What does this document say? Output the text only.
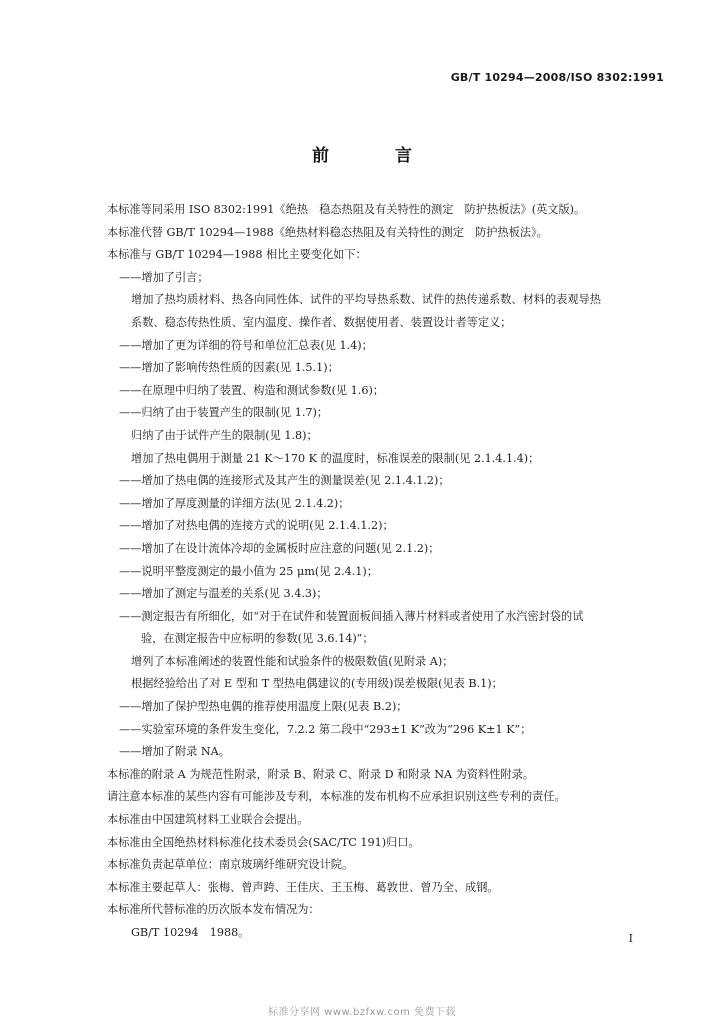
GB/T 10294—2008/ISO 8302:1991
前 言
本标准等同采用 ISO 8302:1991《绝热　稳态热阻及有关特性的测定　防护热板法》(英文版)。
本标准代替 GB/T 10294—1988《绝热材料稳态热阻及有关特性的测定　防护热板法》。
本标准与 GB/T 10294—1988 相比主要变化如下：
——增加了引言；
增加了热均质材料、热各向同性体、试件的平均导热系数、试件的热传递系数、材料的表观导热
系数、稳态传热性质、室内温度、操作者、数据使用者、装置设计者等定义；
——增加了更为详细的符号和单位汇总表(见 1.4)；
——增加了影响传热性质的因素(见 1.5.1)；
——在原理中归纳了装置、构造和测试参数(见 1.6)；
——归纳了由于装置产生的限制(见 1.7)；
归纳了由于试件产生的限制(见 1.8)；
增加了热电偶用于测量 21 K～170 K 的温度时，标准误差的限制(见 2.1.4.1.4)；
——增加了热电偶的连接形式及其产生的测量误差(见 2.1.4.1.2)；
——增加了厚度测量的详细方法(见 2.1.4.2)；
——增加了对热电偶的连接方式的说明(见 2.1.4.1.2)；
——增加了在设计流体冷却的金属板时应注意的问题(见 2.1.2)；
——说明平整度测定的最小值为 25 μm(见 2.4.1)；
——增加了测定与温差的关系(见 3.4.3)；
——测定报告有所细化，如“对于在试件和装置面板间插入薄片材料或者使用了水汽密封袋的试
验，在测定报告中应标明的参数(见 3.6.14)”；
增列了本标准阐述的装置性能和试验条件的极限数值(见附录 A)；
根据经验给出了对 E 型和 T 型热电偶建议的(专用级)误差极限(见表 B.1)；
——增加了保护型热电偶的推荐使用温度上限(见表 B.2)；
——实验室环境的条件发生变化，7.2.2 第二段中“293±1 K”改为“296 K±1 K”；
——增加了附录 NA。
本标准的附录 A 为规范性附录，附录 B、附录 C、附录 D 和附录 NA 为资料性附录。
请注意本标准的某些内容有可能涉及专利，本标准的发布机构不应承担识别这些专利的责任。
本标准由中国建筑材料工业联合会提出。
本标准由全国绝热材料标准化技术委员会(SAC/TC 191)归口。
本标准负责起草单位：南京玻璃纤维研究设计院。
本标准主要起草人：张梅、曾声跨、王佳庆、王玉梅、葛敦世、曾乃全、成钢。
本标准所代替标准的历次版本发布情况为：
GB/T 10294　1988。	I
标准分享网 www.bzfxw.com 免费下载
